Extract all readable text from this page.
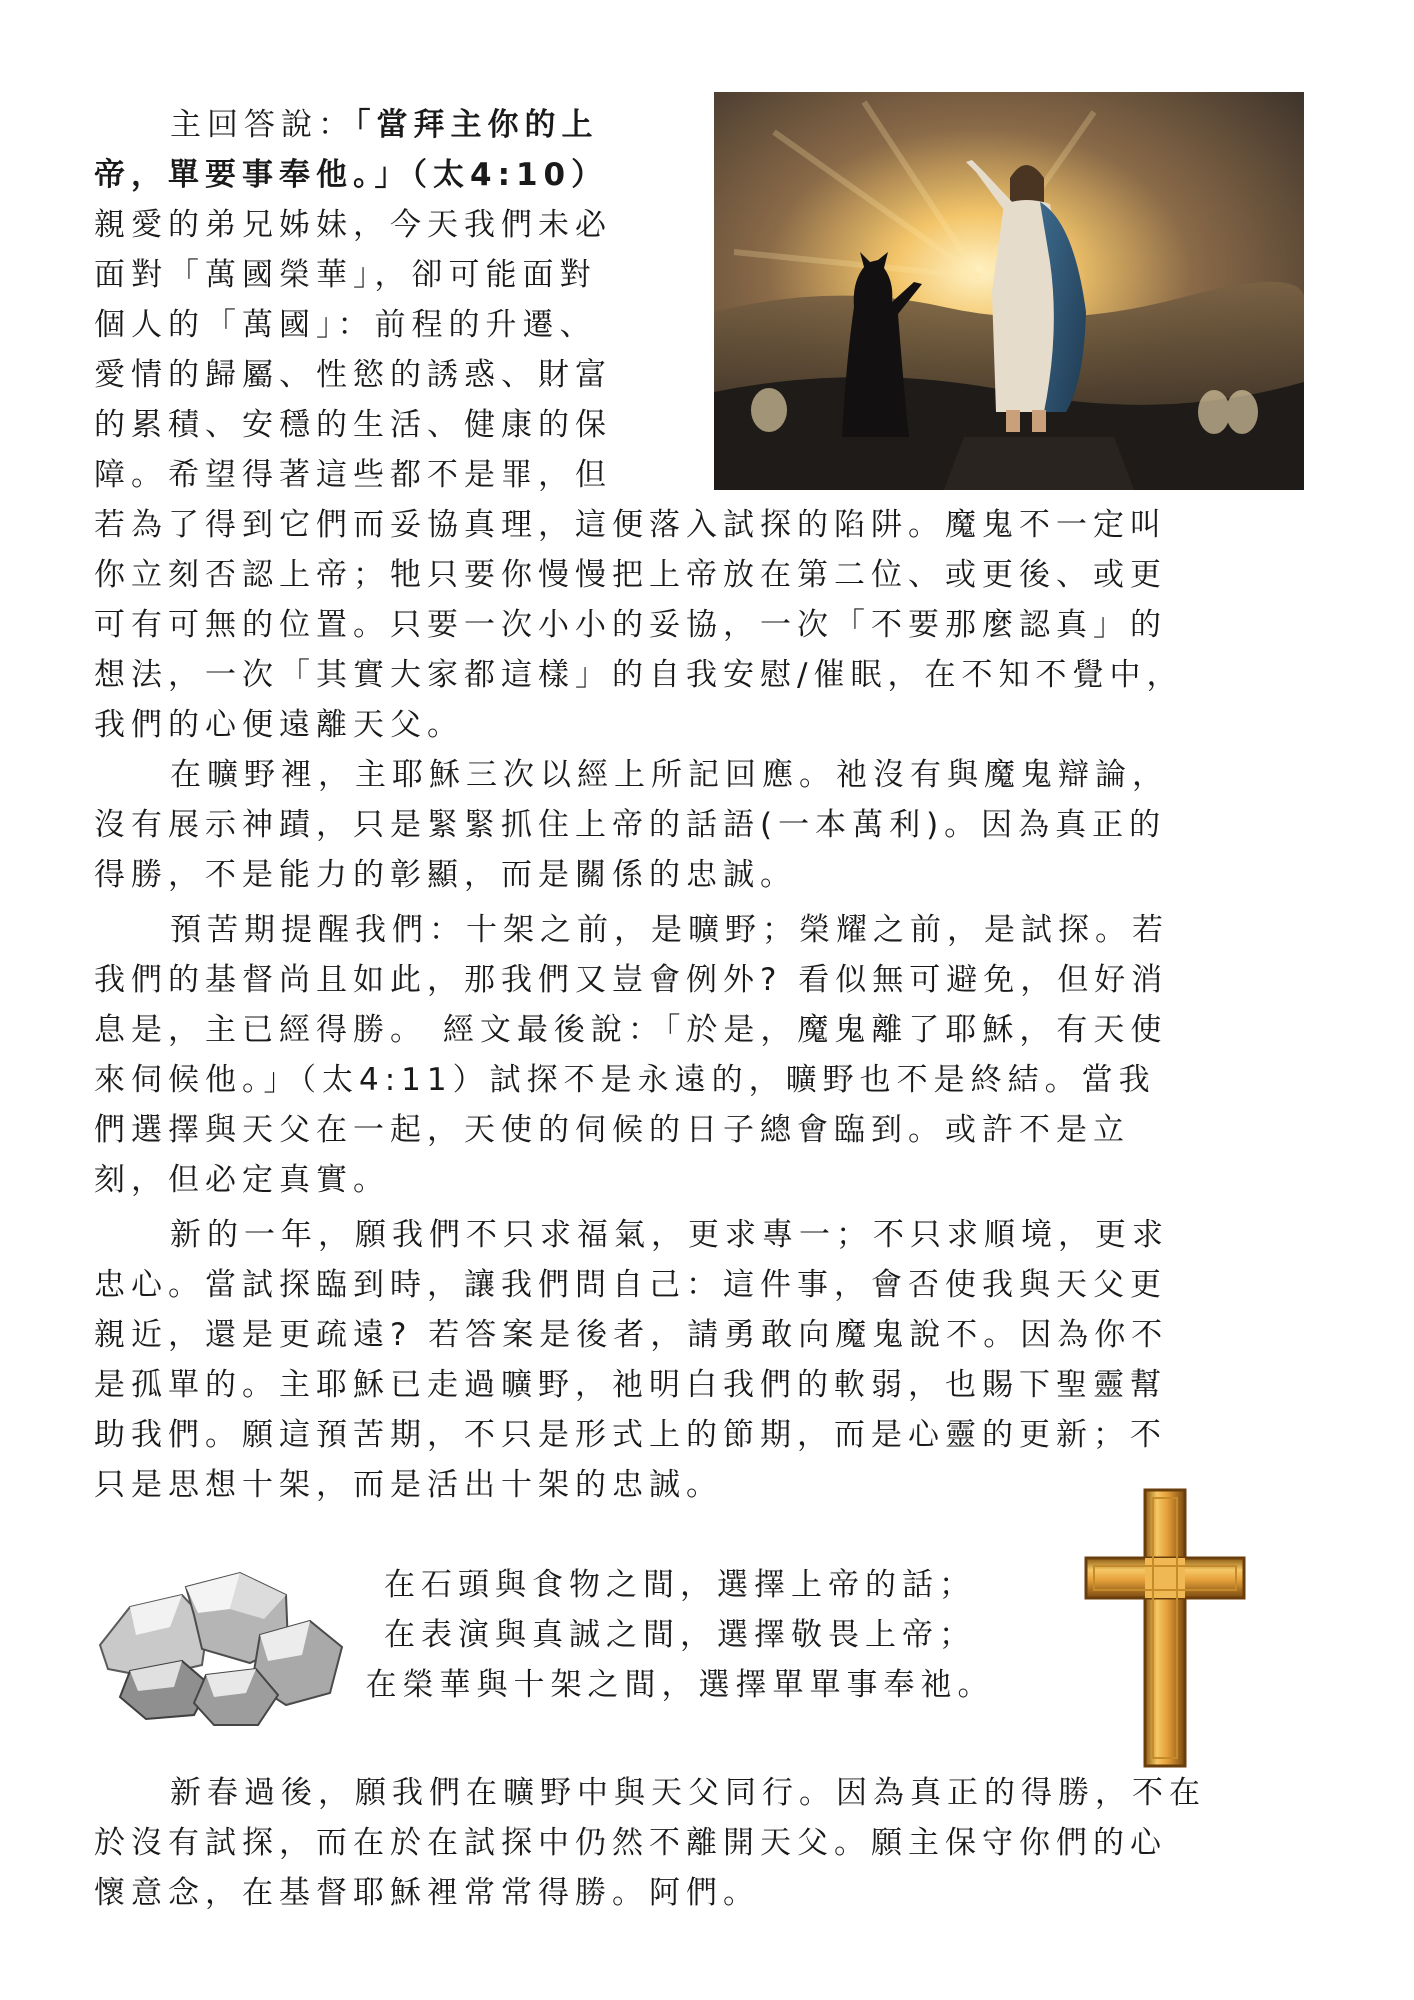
主回答說：「當拜主你的上
帝，單要事奉他。」（太4:10）
親愛的弟兄姊妹，今天我們未必
面對「萬國榮華」，卻可能面對
個人的「萬國」：前程的升遷、
愛情的歸屬、性慾的誘惑、財富
的累積、安穩的生活、健康的保
障。希望得著這些都不是罪，但
若為了得到它們而妥協真理，這便落入試探的陷阱。魔鬼不一定叫
你立刻否認上帝；牠只要你慢慢把上帝放在第二位、或更後、或更
可有可無的位置。只要一次小小的妥協，一次「不要那麼認真」的
想法，一次「其實大家都這樣」的自我安慰/催眠，在不知不覺中，
我們的心便遠離天父。
在曠野裡，主耶穌三次以經上所記回應。祂沒有與魔鬼辯論，
沒有展示神蹟，只是緊緊抓住上帝的話語(一本萬利)。因為真正的
得勝，不是能力的彰顯，而是關係的忠誠。
預苦期提醒我們：十架之前，是曠野；榮耀之前，是試探。若
我們的基督尚且如此，那我們又豈會例外? 看似無可避免，但好消
息是，主已經得勝。 經文最後說：「於是，魔鬼離了耶穌，有天使
來伺候他。」（太4:11）試探不是永遠的，曠野也不是終結。當我
們選擇與天父在一起，天使的伺候的日子總會臨到。或許不是立
刻，但必定真實。
新的一年，願我們不只求福氣，更求專一；不只求順境，更求
忠心。當試探臨到時，讓我們問自己：這件事，會否使我與天父更
親近，還是更疏遠? 若答案是後者，請勇敢向魔鬼說不。因為你不
是孤單的。主耶穌已走過曠野，祂明白我們的軟弱，也賜下聖靈幫
助我們。願這預苦期，不只是形式上的節期，而是心靈的更新；不
只是思想十架，而是活出十架的忠誠。
在石頭與食物之間，選擇上帝的話；
在表演與真誠之間，選擇敬畏上帝；
在榮華與十架之間，選擇單單事奉祂。
新春過後，願我們在曠野中與天父同行。因為真正的得勝，不在
於沒有試探，而在於在試探中仍然不離開天父。願主保守你們的心
懷意念，在基督耶穌裡常常得勝。阿們。
